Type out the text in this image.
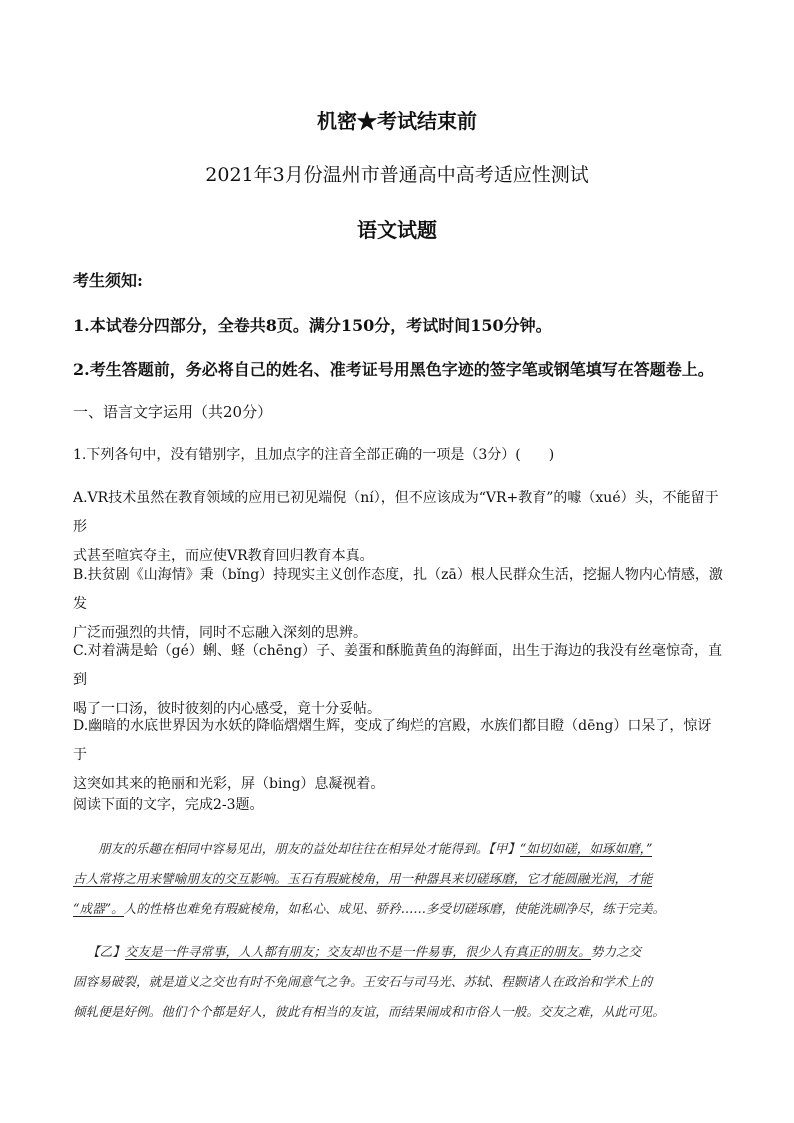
机密★考试结束前
2021年3月份温州市普通高中高考适应性测试
语文试题
考生须知:
1.本试卷分四部分，全卷共8页。满分150分，考试时间150分钟。
2.考生答题前，务必将自己的姓名、准考证号用黑色字迹的签字笔或钢笔填写在答题卷上。
一、语言文字运用（共20分）
1.下列各句中，没有错别字，且加点字的注音全部正确的一项是（3分）(　　)
A.VR技术虽然在教育领域的应用已初见端倪（ní），但不应该成为“VR+教育”的噱（xué）头，不能留于形
式甚至喧宾夺主，而应使VR教育回归教育本真。
B.扶贫剧《山海情》秉（bǐng）持现实主义创作态度，扎（zā）根人民群众生活，挖掘人物内心情感，激发
广泛而强烈的共情，同时不忘融入深刻的思辨。
C.对着满是蛤（gé）蜊、蛏（chēng）子、姜蛋和酥脆黄鱼的海鲜面，出生于海边的我没有丝毫惊奇，直到
喝了一口汤，彼时彼刻的内心感受，竟十分妥帖。
D.幽暗的水底世界因为水妖的降临熠熠生辉，变成了绚烂的宫殿，水族们都目瞪（dēng）口呆了，惊讶于
这突如其来的艳丽和光彩，屏（bing）息凝视着。
阅读下面的文字，完成2-3题。
朋友的乐趣在相同中容易见出，朋友的益处却往往在相异处才能得到。【甲】“如切如磋，如琢如磨，”
古人常将之用来譬喻朋友的交互影响。玉石有瑕疵棱角，用一种器具来切磋琢磨，它才能圆融光润，才能
“成器”。人的性格也难免有瑕疵棱角，如私心、成见、骄矜……多受切磋琢磨，使能洗刷净尽，练于完美。
【乙】交友是一件寻常事，人人都有朋友；交友却也不是一件易事，很少人有真正的朋友。势力之交
固容易破裂，就是道义之交也有时不免闹意气之争。王安石与司马光、苏轼、程颢诸人在政治和学术上的
倾轧便是好例。他们个个都是好人，彼此有相当的友谊，而结果闹成和市俗人一般。交友之难，从此可见。
